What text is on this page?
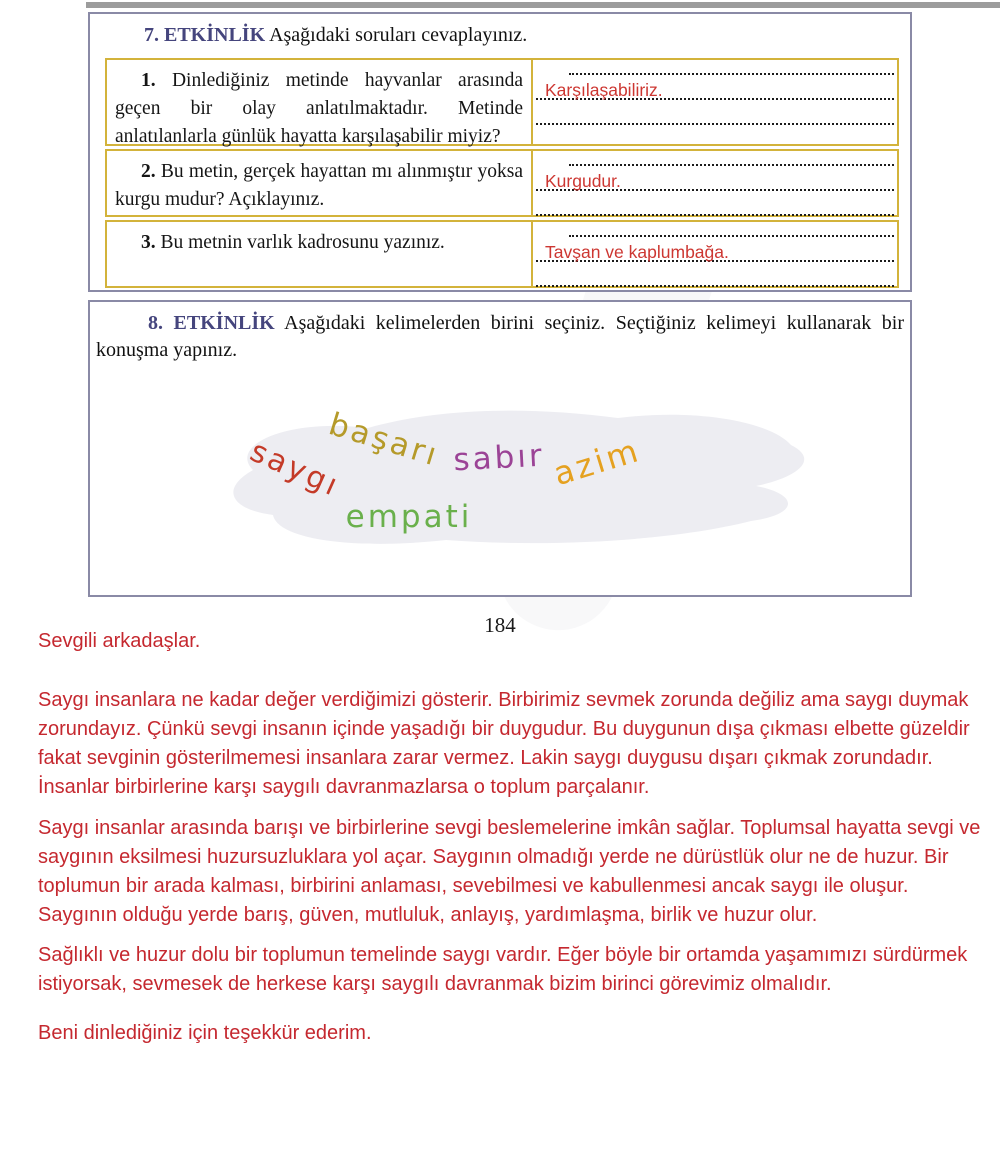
7. ETKİNLİK Aşağıdaki soruları cevaplayınız.
1. Dinlediğiniz metinde hayvanlar arasında geçen bir olay anlatılmaktadır. Metinde anlatılanlarla günlük hayatta karşılaşabilir miyiz?
Karşılaşabiliriz.
2. Bu metin, gerçek hayattan mı alınmıştır yoksa kurgu mudur? Açıklayınız.
Kurgudur.
3. Bu metnin varlık kadrosunu yazınız.	Tavşan ve kaplumbağa.
8. ETKİNLİK Aşağıdaki kelimelerden birini seçiniz. Seçtiğiniz kelimeyi kullanarak bir konuşma yapınız.
saygı
başarı sabır azim
empati
184
Sevgili arkadaşlar.
Saygı insanlara ne kadar değer verdiğimizi gösterir. Birbirimiz sevmek zorunda değiliz ama saygı duymak zorundayız. Çünkü sevgi insanın içinde yaşadığı bir duygudur. Bu duygunun dışa çıkması elbette güzeldir fakat sevginin gösterilmemesi insanlara zarar vermez. Lakin saygı duygusu dışarı çıkmak zorundadır. İnsanlar birbirlerine karşı saygılı davranmazlarsa o toplum parçalanır.
Saygı insanlar arasında barışı ve birbirlerine sevgi beslemelerine imkân sağlar. Toplumsal hayatta sevgi ve saygının eksilmesi huzursuzluklara yol açar. Saygının olmadığı yerde ne dürüstlük olur ne de huzur. Bir toplumun bir arada kalması, birbirini anlaması, sevebilmesi ve kabullenmesi ancak saygı ile oluşur. Saygının olduğu yerde barış, güven, mutluluk, anlayış, yardımlaşma, birlik ve huzur olur.
Sağlıklı ve huzur dolu bir toplumun temelinde saygı vardır. Eğer böyle bir ortamda yaşamımızı sürdürmek istiyorsak, sevmesek de herkese karşı saygılı davranmak bizim birinci görevimiz olmalıdır.
Beni dinlediğiniz için teşekkür ederim.
